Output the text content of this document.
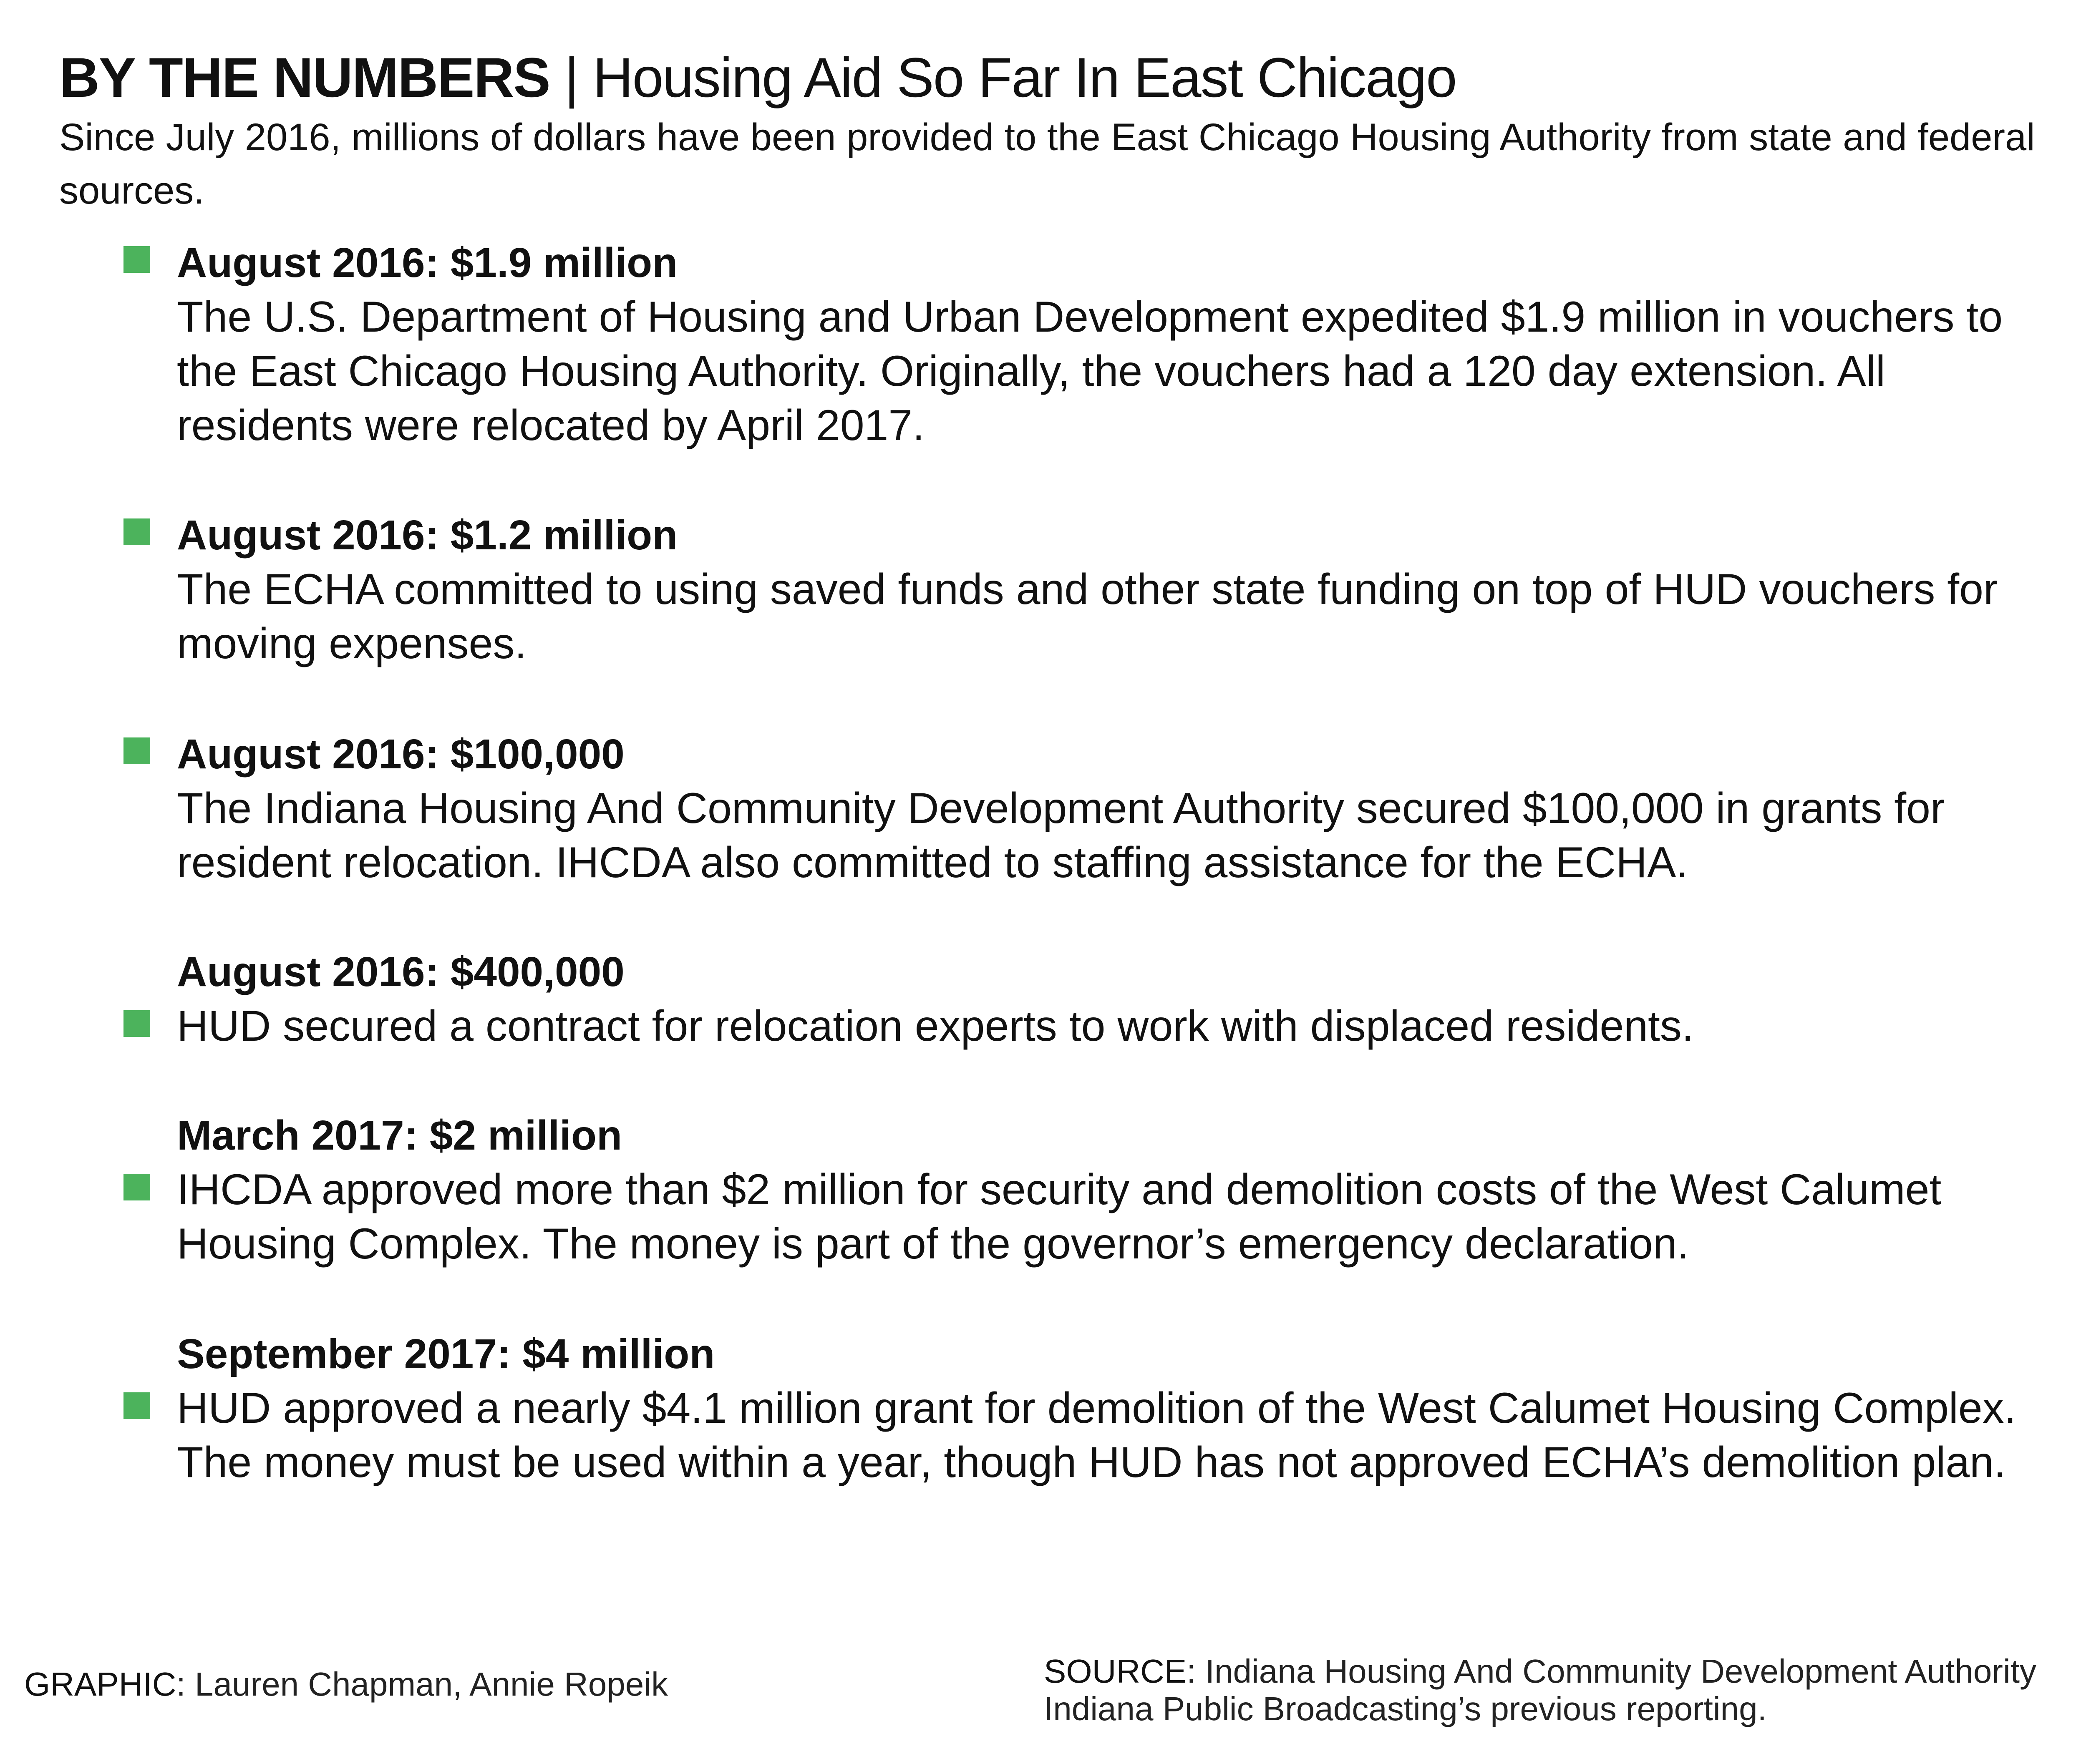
BY THE NUMBERS | Housing Aid So Far In East Chicago
Since July 2016, millions of dollars have been provided to the East Chicago Housing Authority from state and federal sources.
August 2016: $1.9 million
The U.S. Department of Housing and Urban Development expedited $1.9 million in vouchers to the East Chicago Housing Authority. Originally, the vouchers had a 120 day extension. All residents were relocated by April 2017.
August 2016: $1.2 million
The ECHA committed to using saved funds and other state funding on top of HUD vouchers for moving expenses.
August 2016: $100,000
The Indiana Housing And Community Development Authority secured $100,000 in grants for resident relocation. IHCDA also committed to staffing assistance for the ECHA.
August 2016: $400,000
HUD secured a contract for relocation experts to work with displaced residents.
March 2017: $2 million
IHCDA approved more than $2 million for security and demolition costs of the West Calumet Housing Complex. The money is part of the governor’s emergency declaration.
September 2017: $4 million
HUD approved a nearly $4.1 million grant for demolition of the West Calumet Housing Complex. The money must be used within a year, though HUD has not approved ECHA’s demolition plan.
GRAPHIC: Lauren Chapman, Annie Ropeik	SOURCE: Indiana Housing And Community Development Authority
Indiana Public Broadcasting’s previous reporting.
